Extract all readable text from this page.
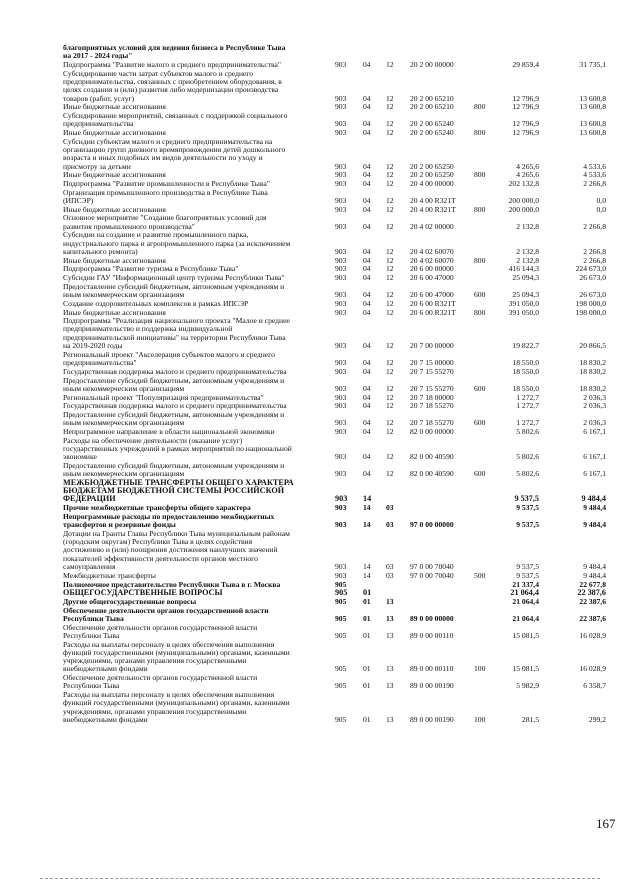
благоприятных условий для ведения бизнеса в Республике Тыва
на 2017 - 2024 годы"
Подпрограмма "Развитие малого и среднего предпринимательства"	903 04 12 20 2 00 00000	29 859,4	31 735,1
Субсидирование части затрат субъектов малого и среднего
предпринимательства, связанных с приобретением оборудования, в
целях создания и (или) развития либо модернизации производства
товаров (работ, услуг)	903 04 12 20 2 00 65210	12 796,9	13 600,8
Иные бюджетные ассигнования	903 04 12 20 2 00 65210	800	12 796,9	13 600,8
Субсидирование мероприятий, связанных с поддержкой социального
предпринимательства	903 04 12 20 2 00 65240	12 796,9	13 600,8
Иные бюджетные ассигнования	903 04 12 20 2 00 65240	800	12 796,9	13 600,8
Субсидии субъектам малого и среднего предпринимательства на
организацию групп дневного времяпровождения детей дошкольного
возраста и иных подобных им видов деятельности по уходу и
присмотру за детьми	903 04 12 20 2 00 65250	4 265,6	4 533,6
Иные бюджетные ассигнования	903 04 12 20 2 00 65250	800	4 265,6	4 533,6
Подпрограмма "Развитие промышленности в Республике Тыва"	903 04 12 20 4 00 00000	202 132,8	2 266,8
Организация промышленного производства в Республике Тыва
(ИПСЭР)	903 04 12 20 4 00 R321T	200 000,0	0,0
Иные бюджетные ассигнования	903 04 12 20 4 00 R321T 800	200 000,0	0,0
Основное мероприятие "Создание благоприятных условий для
развития промышленного производства"	903 04 12 20 4 02 00000	2 132,8	2 266,8
Субсидии на создание и развитие промышленного парка,
индустриального парка и агропромышленного парка (за исключением
капитального ремонта)	903 04 12 20 4 02 60070	2 132,8	2 266,8
Иные бюджетные ассигнования	903 04 12 20 4 02 60070	800	2 132,8	2 266,8
Подпрограмма "Развитие туризма в Республике Тыва"	903 04 12 20 6 00 00000	416 144,3	224 673,0
Субсидии ГАУ "Информационный центр туризма Республики Тыва"	903 04 12 20 6 00 47000	25 094,3	26 673,0
Предоставление субсидий бюджетным, автономным учреждениям и
иным некоммерческим организациям	903 04 12 20 6 00 47000	600	25 094,3	26 673,0
Создание оздоровительных комплексов в рамках ИПСЭР	903 04 12 20 6 00 R321T	391 050,0	198 000,0
Иные бюджетные ассигнования	903 04 12 20 6 00 R321T 800	391 050,0	198 000,0
Подпрограмма "Реализация национального проекта "Малое и среднее
предпринимательство и поддержка индивидуальной
предпринимательской инициативы" на территории Республики Тыва
на 2019-2020 годы	903 04 12 20 7 00 00000	19 822,7	20 866,5
Региональный проект "Акселерация субъектов малого и среднего
предпринимательства"	903 04 12 20 7 15 00000	18 550,0	18 830,2
Государственная поддержка малого и среднего предпринимательства	903 04 12 20 7 15 55270	18 550,0	18 830,2
Предоставление субсидий бюджетным, автономным учреждениям и
иным некоммерческим организациям	903 04 12 20 7 15 55270	600	18 550,0	18 830,2
Региональный проект "Популяризация предпринимательства"	903 04 12 20 7 18 00000	1 272,7	2 036,3
Государственная поддержка малого и среднего предпринимательства	903 04 12 20 7 18 55270	1 272,7	2 036,3
Предоставление субсидий бюджетным, автономным учреждениям и
иным некоммерческим организациям	903 04 12 20 7 18 55270	600	1 272,7	2 036,3
Непрограммное направление в области национальной экономики	903 04 12 82 0 00 00000	5 802,6	6 167,1
Расходы на обеспечение деятельности (оказание услуг)
государственных учреждений в рамках мероприятий по национальной
экономике	903 04 12 82 0 00 40590	5 802,6	6 167,1
Предоставление субсидий бюджетным, автономным учреждениям и
иным некоммерческим организациям	903 04 12 82 0 00 40590	600	5 802,6	6 167,1
МЕЖБЮДЖЕТНЫЕ ТРАНСФЕРТЫ ОБЩЕГО ХАРАКТЕРА
БЮДЖЕТАМ БЮДЖЕТНОЙ СИСТЕМЫ РОССИЙСКОЙ
ФЕДЕРАЦИИ	903 14	9 537,5	9 484,4
Прочие межбюджетные трансферты общего характера	903 14 03	9 537,5	9 484,4
Непрограммные расходы по предоставлению межбюджетных
трансфертов и резервные фонды	903 14 03 97 0 00 00000	9 537,5	9 484,4
Дотации на Гранты Главы Республики Тыва муниципальным районам
(городским округам) Республики Тыва в целях содействия
достижению и (или) поощрения достижения наилучших значений
показателей эффективности деятельности органов местного
самоуправления	903 14 03 97 0 00 70040	9 537,5	9 484,4
Межбюджетные трансферты	903 14 03 97 0 00 70040	500	9 537,5	9 484,4
Полномочное представительство Республики Тыва в г. Москва	905	21 337,4	22 677,8
ОБЩЕГОСУДАРСТВЕННЫЕ ВОПРОСЫ	905 01	21 064,4	22 387,6
Другие общегосударственные вопросы	905 01 13	21 064,4	22 387,6
Обеспечение деятельности органов государственной власти
Республики Тыва	905 01 13 89 0 00 00000	21 064,4	22 387,6
Обеспечение деятельности органов государственной власти
Республики Тыва	905 01 13 89 0 00 00110	15 081,5	16 028,9
Расходы на выплаты персоналу в целях обеспечения выполнения
функций государственными (муниципальными) органами, казенными
учреждениями, органами управления государственными
внебюджетными фондами	905 01 13 89 0 00 00110	100	15 081,5	16 028,9
Обеспечение деятельности органов государственной власти
Республики Тыва	905 01 13 89 0 00 00190	5 982,9	6 358,7
Расходы на выплаты персоналу в целях обеспечения выполнения
функций государственными (муниципальными) органами, казенными
учреждениями, органами управления государственными
внебюджетными фондами	905 01 13 89 0 00 00190	100	281,5	299,2
167
